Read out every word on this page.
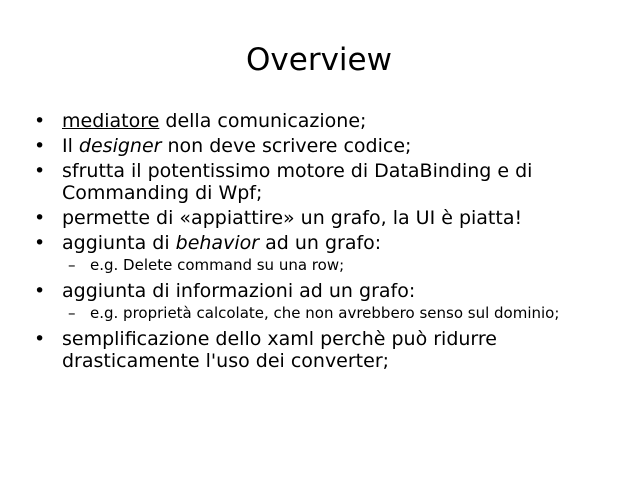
Overview
• mediatore della comunicazione;
• Il designer non deve scrivere codice;
• sfrutta il potentissimo motore di DataBinding e di Commanding di Wpf;
• permette di «appiattire» un grafo, la UI è piatta!
• aggiunta di behavior ad un grafo:
– e.g. Delete command su una row;
• aggiunta di informazioni ad un grafo:
– e.g. proprietà calcolate, che non avrebbero senso sul dominio;
• semplificazione dello xaml perchè può ridurre drasticamente l'uso dei converter;
